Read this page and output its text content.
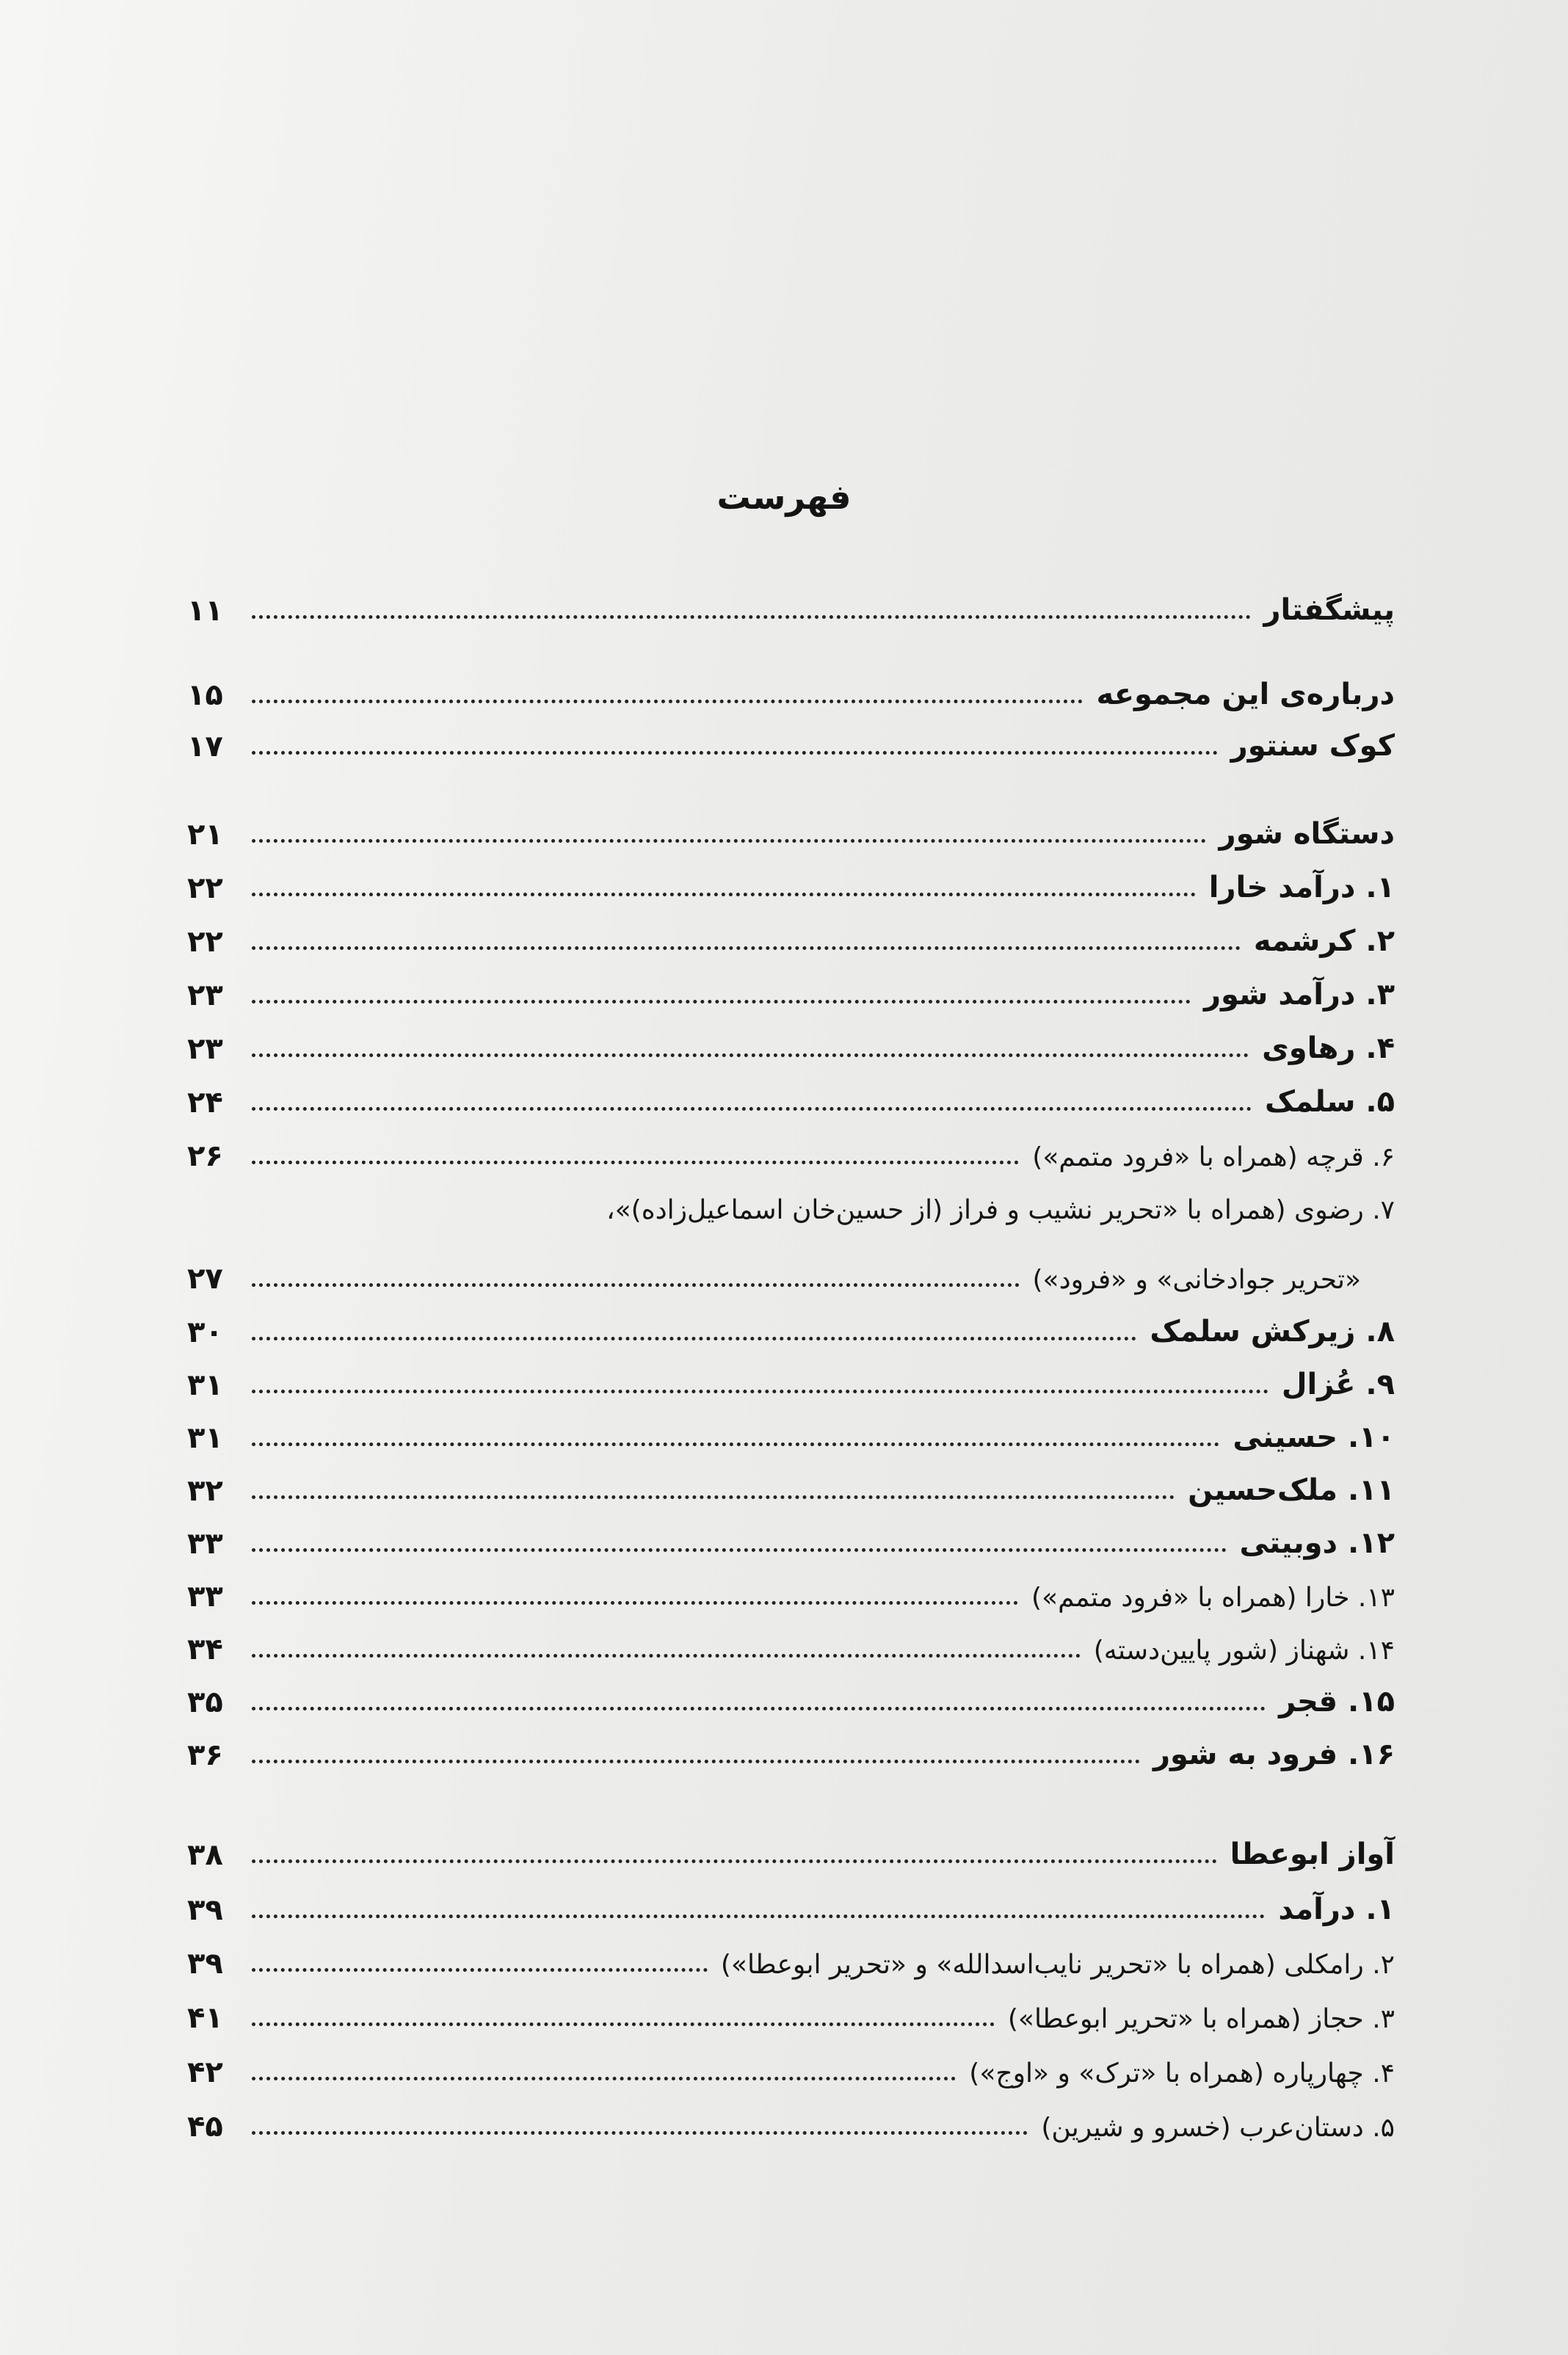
فهرست
پیشگفتار
۱۱
درباره‌ی این مجموعه
۱۵
کوک سنتور
۱۷
دستگاه شور
۲۱
۱. درآمد خارا
۲۲
۲. کرشمه
۲۲
۳. درآمد شور
۲۳
۴. رهاوی
۲۳
۵. سلمک
۲۴
۶. قرچه (همراه با «فرود متمم»)
۲۶
۷. رضوی (همراه با «تحریر نشیب و فراز (از حسین‌خان اسماعیل‌زاده)»،
«تحریر جوادخانی» و «فرود»)
۲۷
۸. زیرکش سلمک
۳۰
۹. عُزال
۳۱
۱۰. حسینی
۳۱
۱۱. ملک‌حسین
۳۲
۱۲. دوبیتی
۳۳
۱۳. خارا (همراه با «فرود متمم»)
۳۳
۱۴. شهناز (شور پایین‌دسته)
۳۴
۱۵. قجر
۳۵
۱۶. فرود به شور
۳۶
آواز ابوعطا
۳۸
۱. درآمد
۳۹
۲. رامکلی (همراه با «تحریر نایب‌اسدالله» و «تحریر ابوعطا»)
۳۹
۳. حجاز (همراه با «تحریر ابوعطا»)
۴۱
۴. چهارپاره (همراه با «ترک» و «اوج»)
۴۲
۵. دستان‌عرب (خسرو و شیرین)
۴۵
